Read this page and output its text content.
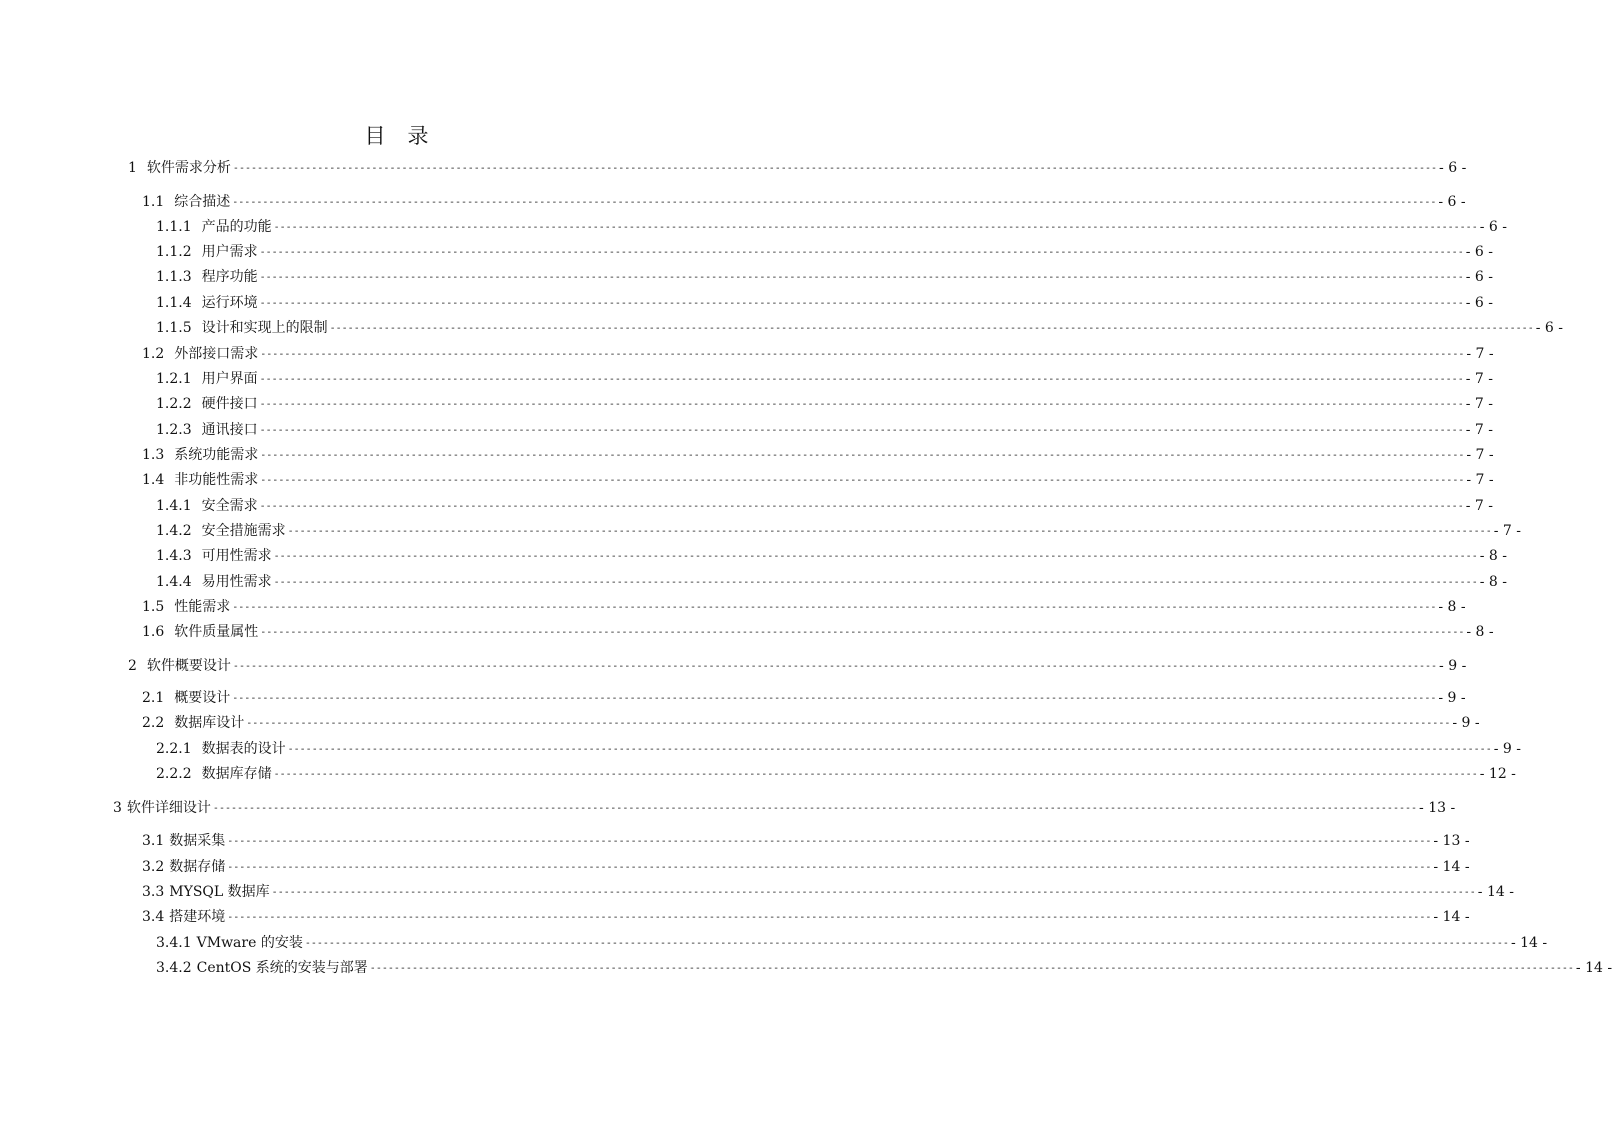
目 录
1 软件需求分析 -------------------------------------------------------------------------------------------------------------------------------------------------------------------------------------------------------- - 6 -
1.1 综合描述 -------------------------------------------------------------------------------------------------------------------------------------------------------------------------------------------------------- - 6 -
1.1.1 产品的功能 -------------------------------------------------------------------------------------------------------------------------------------------------------------------------------------------------------- - 6 -
1.1.2 用户需求 -------------------------------------------------------------------------------------------------------------------------------------------------------------------------------------------------------- - 6 -
1.1.3 程序功能 -------------------------------------------------------------------------------------------------------------------------------------------------------------------------------------------------------- - 6 -
1.1.4 运行环境 -------------------------------------------------------------------------------------------------------------------------------------------------------------------------------------------------------- - 6 -
1.1.5 设计和实现上的限制 -------------------------------------------------------------------------------------------------------------------------------------------------------------------------------------------------------- - 6 -
1.2 外部接口需求 -------------------------------------------------------------------------------------------------------------------------------------------------------------------------------------------------------- - 7 -
1.2.1 用户界面 -------------------------------------------------------------------------------------------------------------------------------------------------------------------------------------------------------- - 7 -
1.2.2 硬件接口 -------------------------------------------------------------------------------------------------------------------------------------------------------------------------------------------------------- - 7 -
1.2.3 通讯接口 -------------------------------------------------------------------------------------------------------------------------------------------------------------------------------------------------------- - 7 -
1.3 系统功能需求 -------------------------------------------------------------------------------------------------------------------------------------------------------------------------------------------------------- - 7 -
1.4 非功能性需求 -------------------------------------------------------------------------------------------------------------------------------------------------------------------------------------------------------- - 7 -
1.4.1 安全需求 -------------------------------------------------------------------------------------------------------------------------------------------------------------------------------------------------------- - 7 -
1.4.2 安全措施需求 -------------------------------------------------------------------------------------------------------------------------------------------------------------------------------------------------------- - 7 -
1.4.3 可用性需求 -------------------------------------------------------------------------------------------------------------------------------------------------------------------------------------------------------- - 8 -
1.4.4 易用性需求 -------------------------------------------------------------------------------------------------------------------------------------------------------------------------------------------------------- - 8 -
1.5 性能需求 -------------------------------------------------------------------------------------------------------------------------------------------------------------------------------------------------------- - 8 -
1.6 软件质量属性 -------------------------------------------------------------------------------------------------------------------------------------------------------------------------------------------------------- - 8 -
2 软件概要设计 -------------------------------------------------------------------------------------------------------------------------------------------------------------------------------------------------------- - 9 -
2.1 概要设计 -------------------------------------------------------------------------------------------------------------------------------------------------------------------------------------------------------- - 9 -
2.2 数据库设计 -------------------------------------------------------------------------------------------------------------------------------------------------------------------------------------------------------- - 9 -
2.2.1 数据表的设计 -------------------------------------------------------------------------------------------------------------------------------------------------------------------------------------------------------- - 9 -
2.2.2 数据库存储 -------------------------------------------------------------------------------------------------------------------------------------------------------------------------------------------------------- - 12 -
3 软件详细设计 -------------------------------------------------------------------------------------------------------------------------------------------------------------------------------------------------------- - 13 -
3.1 数据采集 -------------------------------------------------------------------------------------------------------------------------------------------------------------------------------------------------------- - 13 -
3.2 数据存储 -------------------------------------------------------------------------------------------------------------------------------------------------------------------------------------------------------- - 14 -
3.3 MYSQL 数据库 -------------------------------------------------------------------------------------------------------------------------------------------------------------------------------------------------------- - 14 -
3.4 搭建环境 -------------------------------------------------------------------------------------------------------------------------------------------------------------------------------------------------------- - 14 -
3.4.1 VMware 的安装 -------------------------------------------------------------------------------------------------------------------------------------------------------------------------------------------------------- - 14 -
3.4.2 CentOS 系统的安装与部署 -------------------------------------------------------------------------------------------------------------------------------------------------------------------------------------------------------- - 14 -
